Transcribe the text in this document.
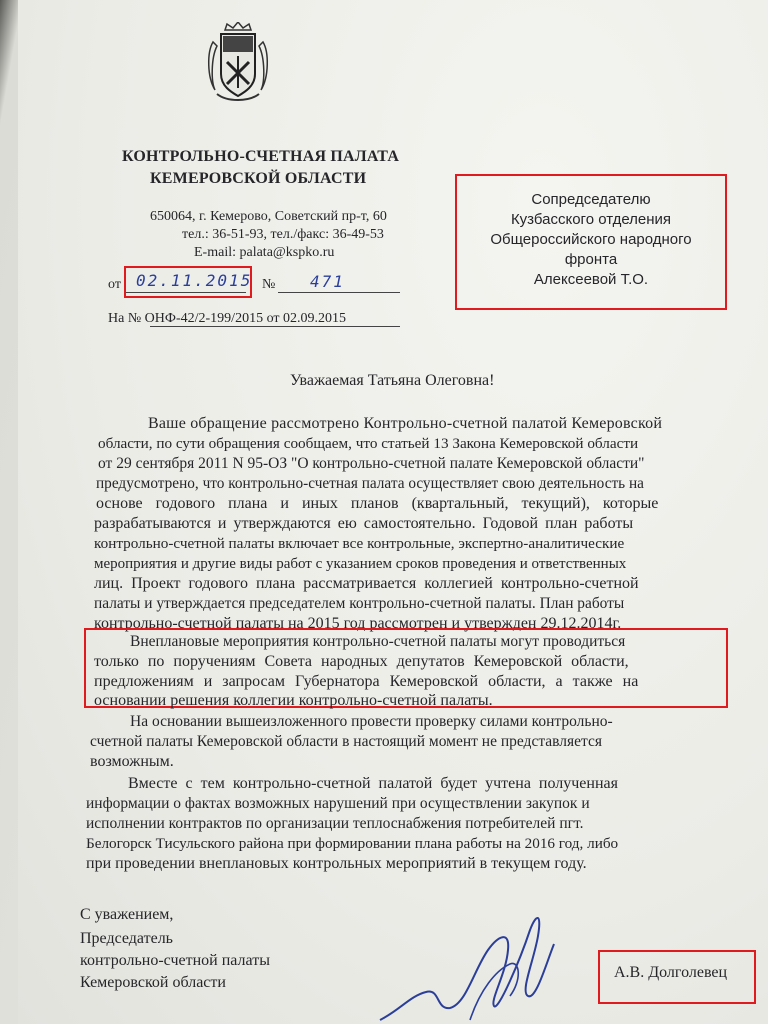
КОНТРОЛЬНО-СЧЕТНАЯ ПАЛАТА
КЕМЕРОВСКОЙ ОБЛАСТИ
650064, г. Кемерово, Советский пр-т, 60
тел.: 36-51-93, тел./факс: 36-49-53
E-mail: palata@kspko.ru
от 02.11.2015 № 471
На № ОНФ-42/2-199/2015 от 02.09.2015
Сопредседателю
Кузбасского отделения
Общероссийского народного
фронта
Алексеевой Т.О.
Уважаемая Татьяна Олеговна!
Ваше обращение рассмотрено Контрольно-счетной палатой Кемеровской
области, по сути обращения сообщаем, что статьей 13 Закона Кемеровской области
от 29 сентября 2011 N 95-ОЗ "О контрольно-счетной палате Кемеровской области"
предусмотрено, что контрольно-счетная палата осуществляет свою деятельность на
основе годового плана и иных планов (квартальный, текущий), которые
разрабатываются и утверждаются ею самостоятельно. Годовой план работы
контрольно-счетной палаты включает все контрольные, экспертно-аналитические
мероприятия и другие виды работ с указанием сроков проведения и ответственных
лиц. Проект годового плана рассматривается коллегией контрольно-счетной
палаты и утверждается председателем контрольно-счетной палаты. План работы
контрольно-счетной палаты на 2015 год рассмотрен и утвержден 29.12.2014г.
Внеплановые мероприятия контрольно-счетной палаты могут проводиться
только по поручениям Совета народных депутатов Кемеровской области,
предложениям и запросам Губернатора Кемеровской области, а также на
основании решения коллегии контрольно-счетной палаты.
На основании вышеизложенного провести проверку силами контрольно-
счетной палаты Кемеровской области в настоящий момент не представляется
возможным.
Вместе с тем контрольно-счетной палатой будет учтена полученная
информации о фактах возможных нарушений при осуществлении закупок и
исполнении контрактов по организации теплоснабжения потребителей пгт.
Белогорск Тисульского района при формировании плана работы на 2016 год, либо
при проведении внеплановых контрольных мероприятий в текущем году.
С уважением,
Председатель
контрольно-счетной палаты
Кемеровской области
А.В. Долголевец
